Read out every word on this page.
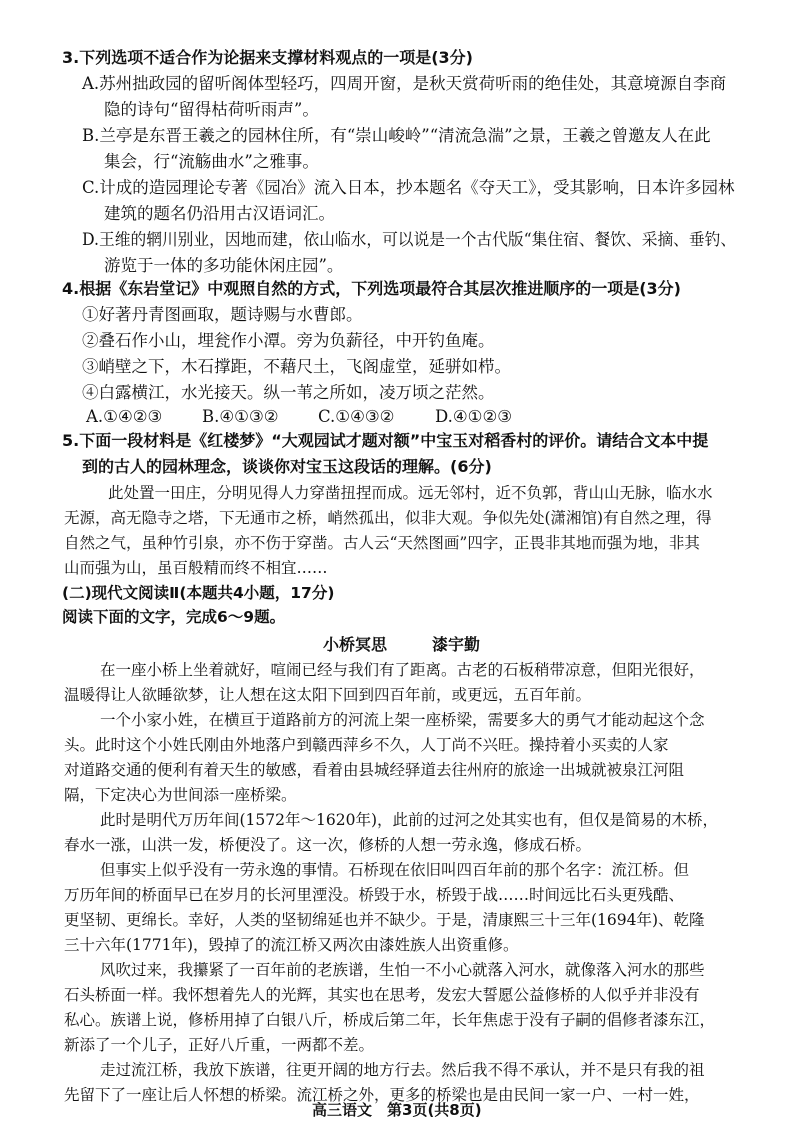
3.下列选项不适合作为论据来支撑材料观点的一项是(3分)
A.苏州拙政园的留听阁体型轻巧，四周开窗，是秋天赏荷听雨的绝佳处，其意境源自李商
隐的诗句“留得枯荷听雨声”。
B.兰亭是东晋王羲之的园林住所，有“崇山峻岭”“清流急湍”之景，王羲之曾邀友人在此
集会，行“流觞曲水”之雅事。
C.计成的造园理论专著《园冶》流入日本，抄本题名《夺天工》，受其影响，日本许多园林
建筑的题名仍沿用古汉语词汇。
D.王维的辋川别业，因地而建，依山临水，可以说是一个古代版“集住宿、餐饮、采摘、垂钓、
游览于一体的多功能休闲庄园”。
4.根据《东岩堂记》中观照自然的方式，下列选项最符合其层次推进顺序的一项是(3分)
①好著丹青图画取，题诗赐与水曹郎。
②叠石作小山，埋瓮作小潭。旁为负薪径，中开钓鱼庵。
③峭壁之下，木石撑距，不藉尺土，飞阁虚堂，延骈如栉。
④白露横江，水光接天。纵一苇之所如，凌万顷之茫然。
A.①④②③ B.④①③② C.①④③② D.④①②③
5.下面一段材料是《红楼梦》“大观园试才题对额”中宝玉对稻香村的评价。请结合文本中提
到的古人的园林理念，谈谈你对宝玉这段话的理解。(6分)
此处置一田庄，分明见得人力穿凿扭捏而成。远无邻村，近不负郭，背山山无脉，临水水
无源，高无隐寺之塔，下无通市之桥，峭然孤出，似非大观。争似先处(潇湘馆)有自然之理，得
自然之气，虽种竹引泉，亦不伤于穿凿。古人云“天然图画”四字，正畏非其地而强为地，非其
山而强为山，虽百般精而终不相宜……
(二)现代文阅读Ⅱ(本题共4小题，17分)
阅读下面的文字，完成6～9题。
小桥冥思	漆宇勤
在一座小桥上坐着就好，喧闹已经与我们有了距离。古老的石板稍带凉意，但阳光很好，
温暖得让人欲睡欲梦，让人想在这太阳下回到四百年前，或更远，五百年前。
一个小家小姓，在横亘于道路前方的河流上架一座桥梁，需要多大的勇气才能动起这个念
头。此时这个小姓氏刚由外地落户到赣西萍乡不久，人丁尚不兴旺。操持着小买卖的人家
对道路交通的便利有着天生的敏感，看着由县城经驿道去往州府的旅途一出城就被泉江河阻
隔，下定决心为世间添一座桥梁。
此时是明代万历年间(1572年～1620年)，此前的过河之处其实也有，但仅是简易的木桥，
春水一涨，山洪一发，桥便没了。这一次，修桥的人想一劳永逸，修成石桥。
但事实上似乎没有一劳永逸的事情。石桥现在依旧叫四百年前的那个名字：流江桥。但
万历年间的桥面早已在岁月的长河里湮没。桥毁于水，桥毁于战……时间远比石头更残酷、
更坚韧、更绵长。幸好，人类的坚韧绵延也并不缺少。于是，清康熙三十三年(1694年)、乾隆
三十六年(1771年)，毁掉了的流江桥又两次由漆姓族人出资重修。
风吹过来，我攥紧了一百年前的老族谱，生怕一不小心就落入河水，就像落入河水的那些
石头桥面一样。我怀想着先人的光辉，其实也在思考，发宏大誓愿公益修桥的人似乎并非没有
私心。族谱上说，修桥用掉了白银八斤，桥成后第二年，长年焦虑于没有子嗣的倡修者漆东江，
新添了一个儿子，正好八斤重，一两都不差。
走过流江桥，我放下族谱，往更开阔的地方行去。然后我不得不承认，并不是只有我的祖
先留下了一座让后人怀想的桥梁。流江桥之外，更多的桥梁也是由民间一家一户、一村一姓，
高三语文　第3页(共8页)
